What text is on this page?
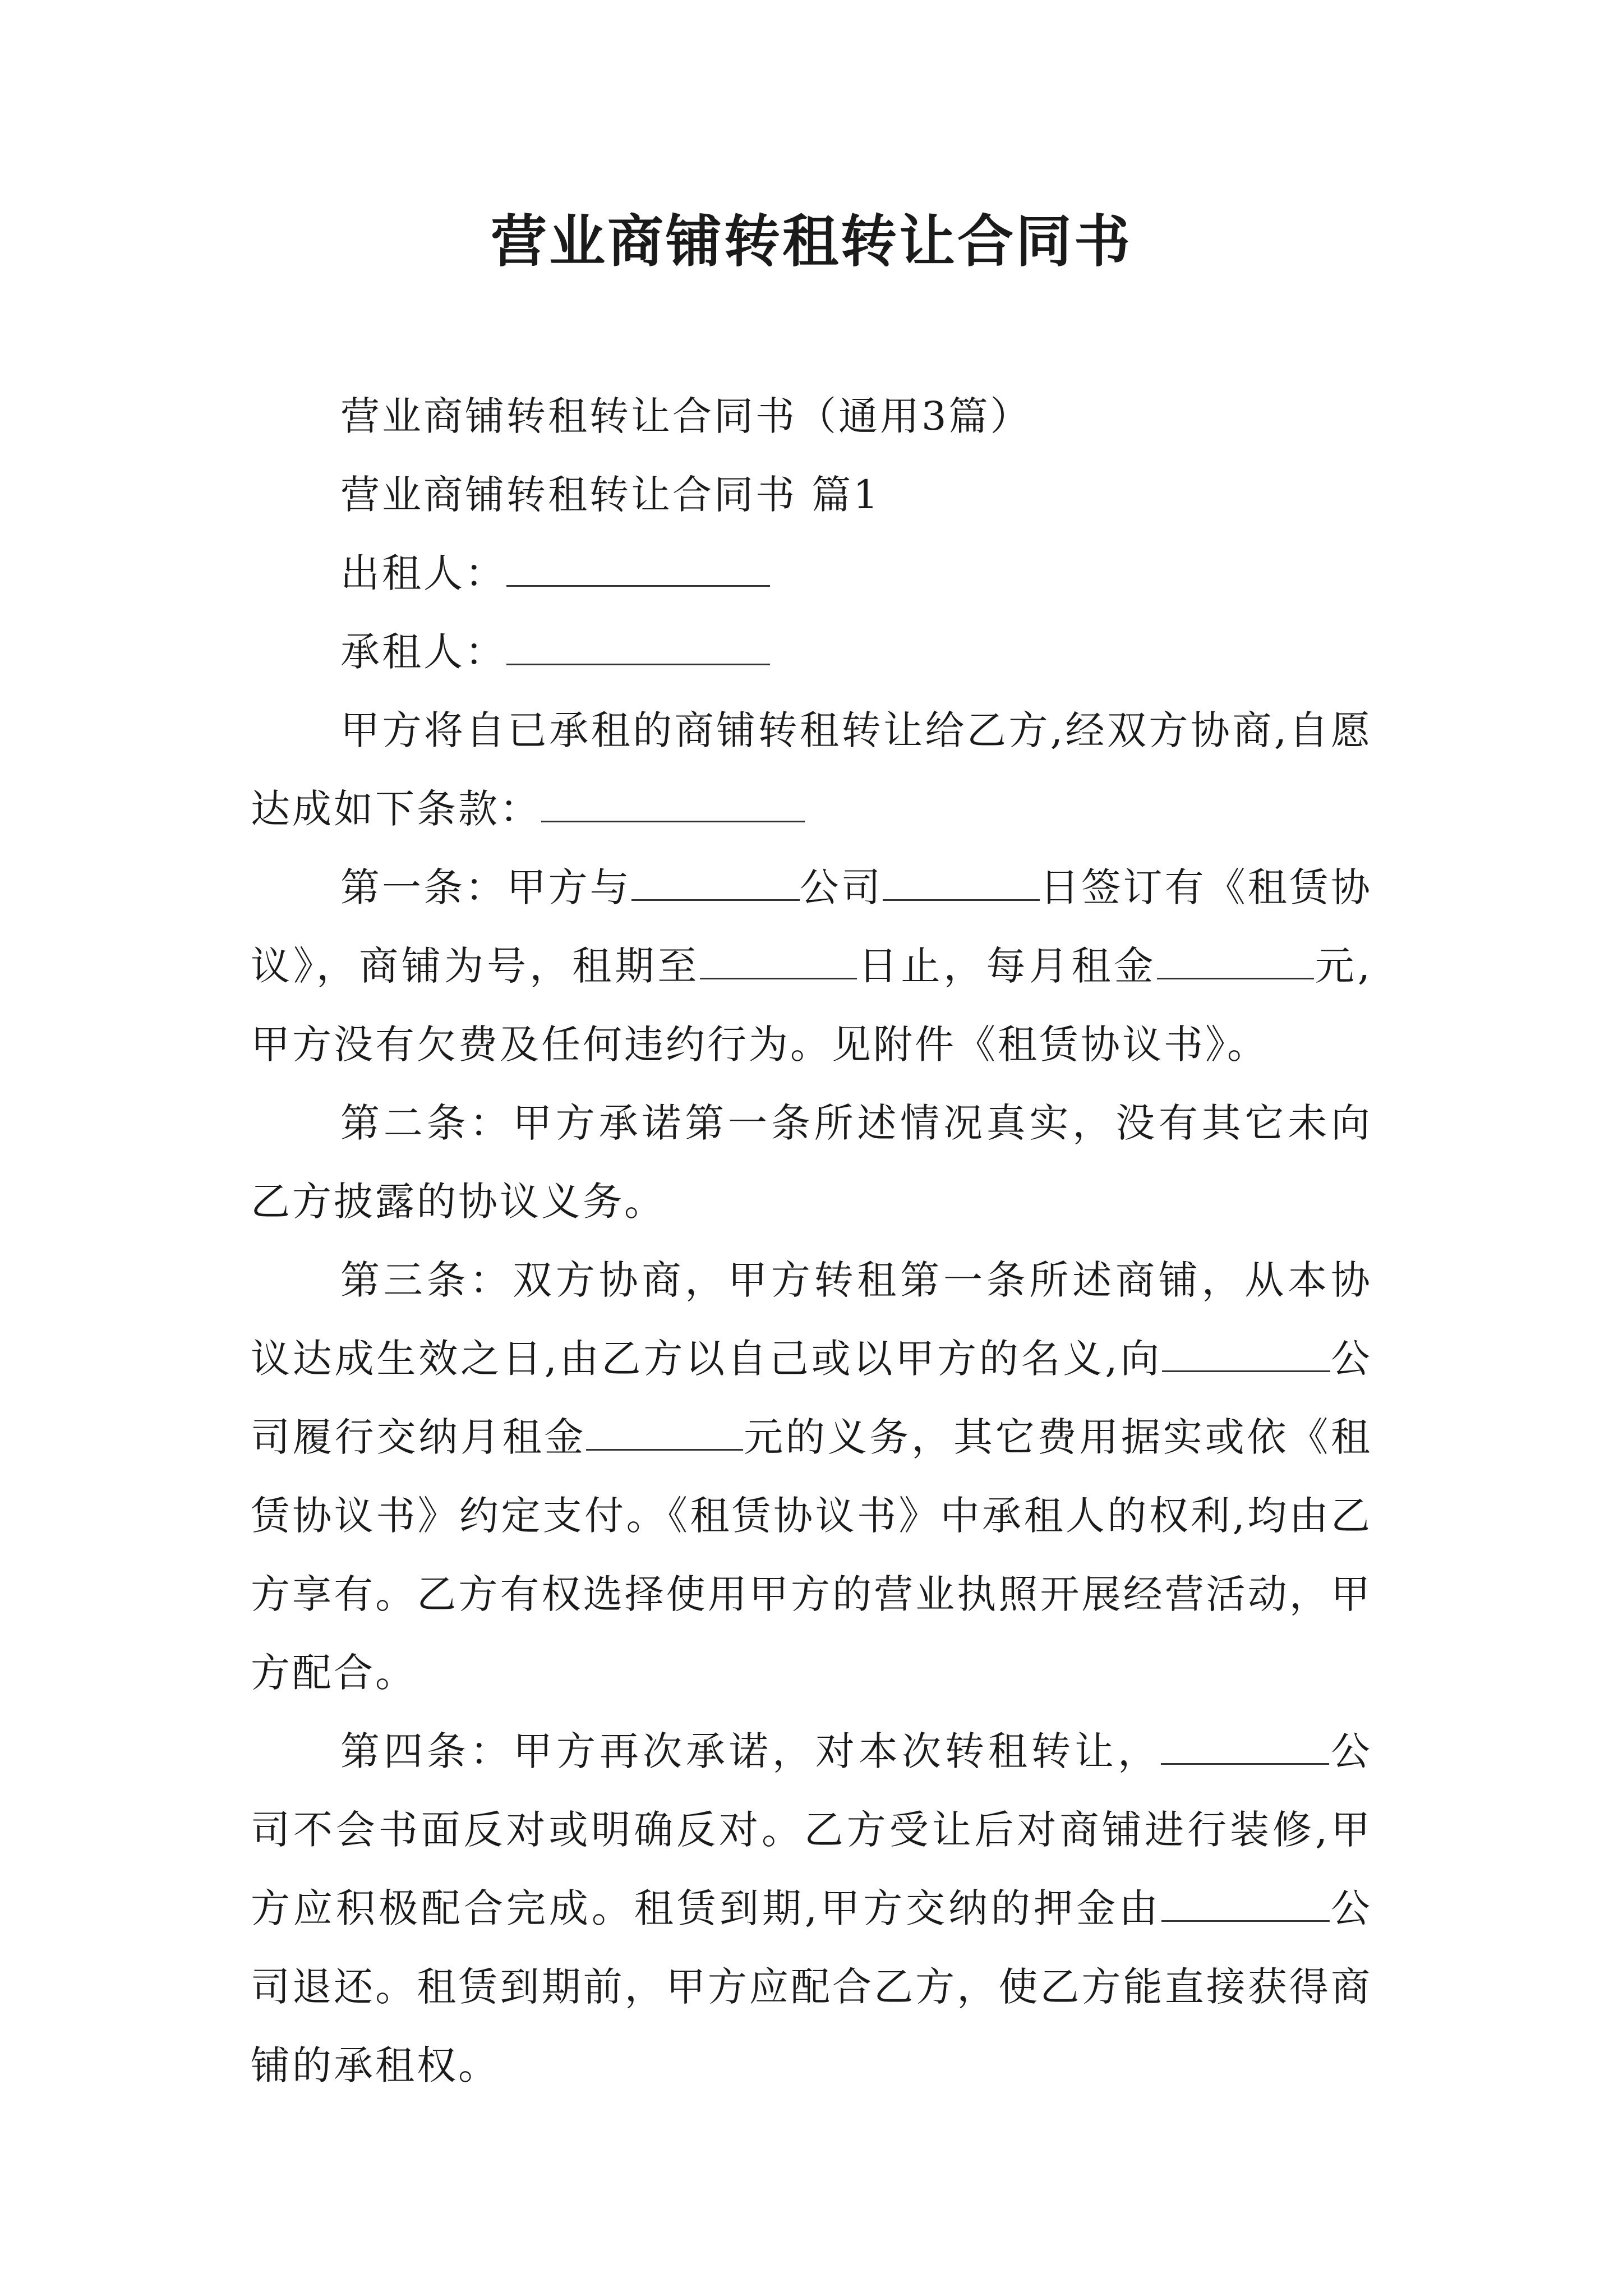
营业商铺转租转让合同书

营业商铺转租转让合同书（通用3篇）

营业商铺转租转让合同书 篇1

出租人：

承租人：

甲方将自已承租的商铺转租转让给乙方,经双方协商,自愿达成如下条款：

第一条：甲方与	公司	日签订有《租赁协议》，商铺为号，租期至	日止，每月租金	元,甲方没有欠费及任何违约行为。见附件《租赁协议书》。

第二条：甲方承诺第一条所述情况真实，没有其它未向乙方披露的协议义务。

第三条：双方协商，甲方转租第一条所述商铺，从本协议达成生效之日,由乙方以自己或以甲方的名义,向	公司履行交纳月租金	元的义务，其它费用据实或依《租赁协议书》约定支付。《租赁协议书》中承租人的权利,均由乙方享有。乙方有权选择使用甲方的营业执照开展经营活动，甲方配合。

第四条：甲方再次承诺，对本次转租转让，	公司不会书面反对或明确反对。乙方受让后对商铺进行装修,甲方应积极配合完成。租赁到期,甲方交纳的押金由	公司退还。租赁到期前，甲方应配合乙方，使乙方能直接获得商铺的承租权。
